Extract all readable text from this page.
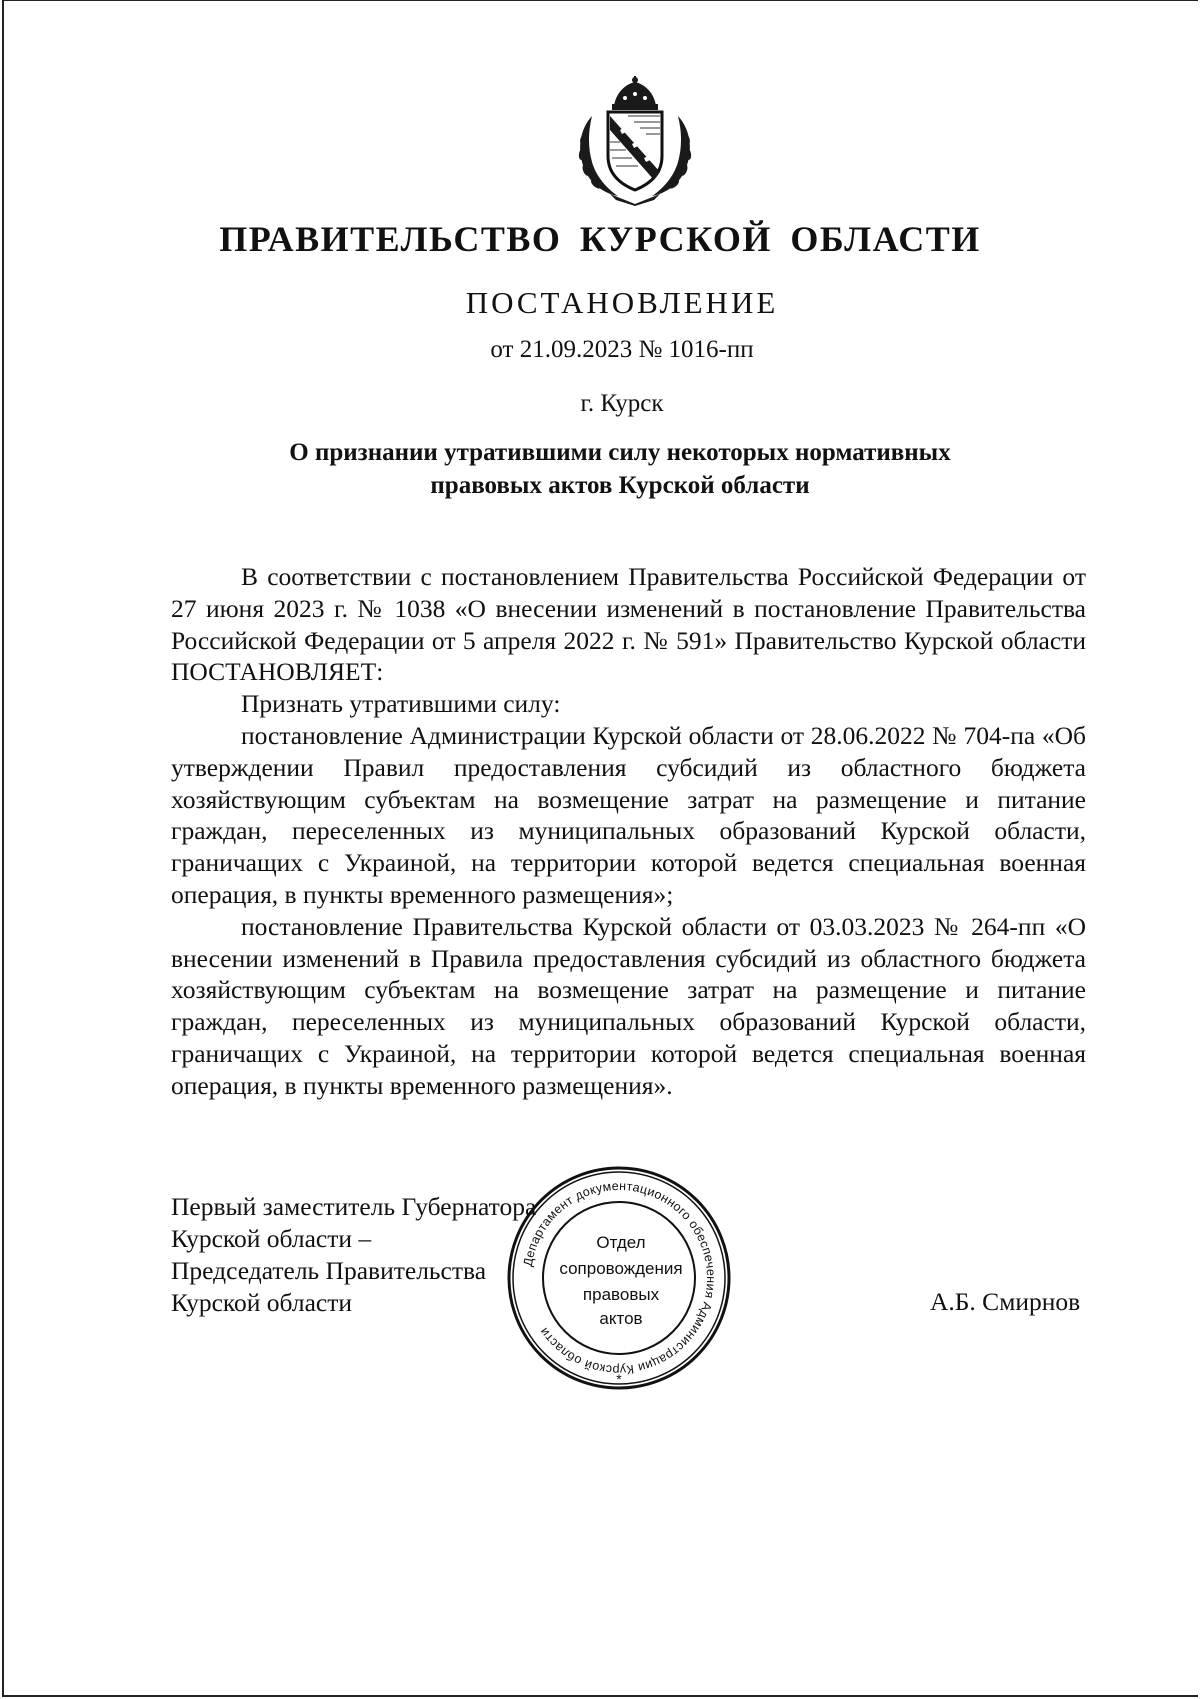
ПРАВИТЕЛЬСТВО КУРСКОЙ ОБЛАСТИ
ПОСТАНОВЛЕНИЕ
от 21.09.2023 № 1016-пп
г. Курск
О признании утратившими силу некоторых нормативных
правовых актов Курской области

В соответствии с постановлением Правительства Российской Федерации от 27 июня 2023 г. № 1038 «О внесении изменений в постановление Правительства Российской Федерации от 5 апреля 2022 г. № 591» Правительство Курской области ПОСТАНОВЛЯЕТ:

Признать утратившими силу:

постановление Администрации Курской области от 28.06.2022 № 704-па «Об утверждении Правил предоставления субсидий из областного бюджета хозяйствующим субъектам на возмещение затрат на размещение и питание граждан, переселенных из муниципальных образований Курской области, граничащих с Украиной, на территории которой ведется специальная военная операция, в пункты временного размещения»;

постановление Правительства Курской области от 03.03.2023 № 264-пп «О внесении изменений в Правила предоставления субсидий из областного бюджета хозяйствующим субъектам на возмещение затрат на размещение и питание граждан, переселенных из муниципальных образований Курской области, граничащих с Украиной, на территории которой ведется специальная военная операция, в пункты временного размещения».

Первый заместитель Губернатора
Курской области –
Председатель Правительства
Курской области	А.Б. Смирнов
Департамент документационного обеспечения Администрации Курской области
*
Отдел
сопровождения
правовых
актов
